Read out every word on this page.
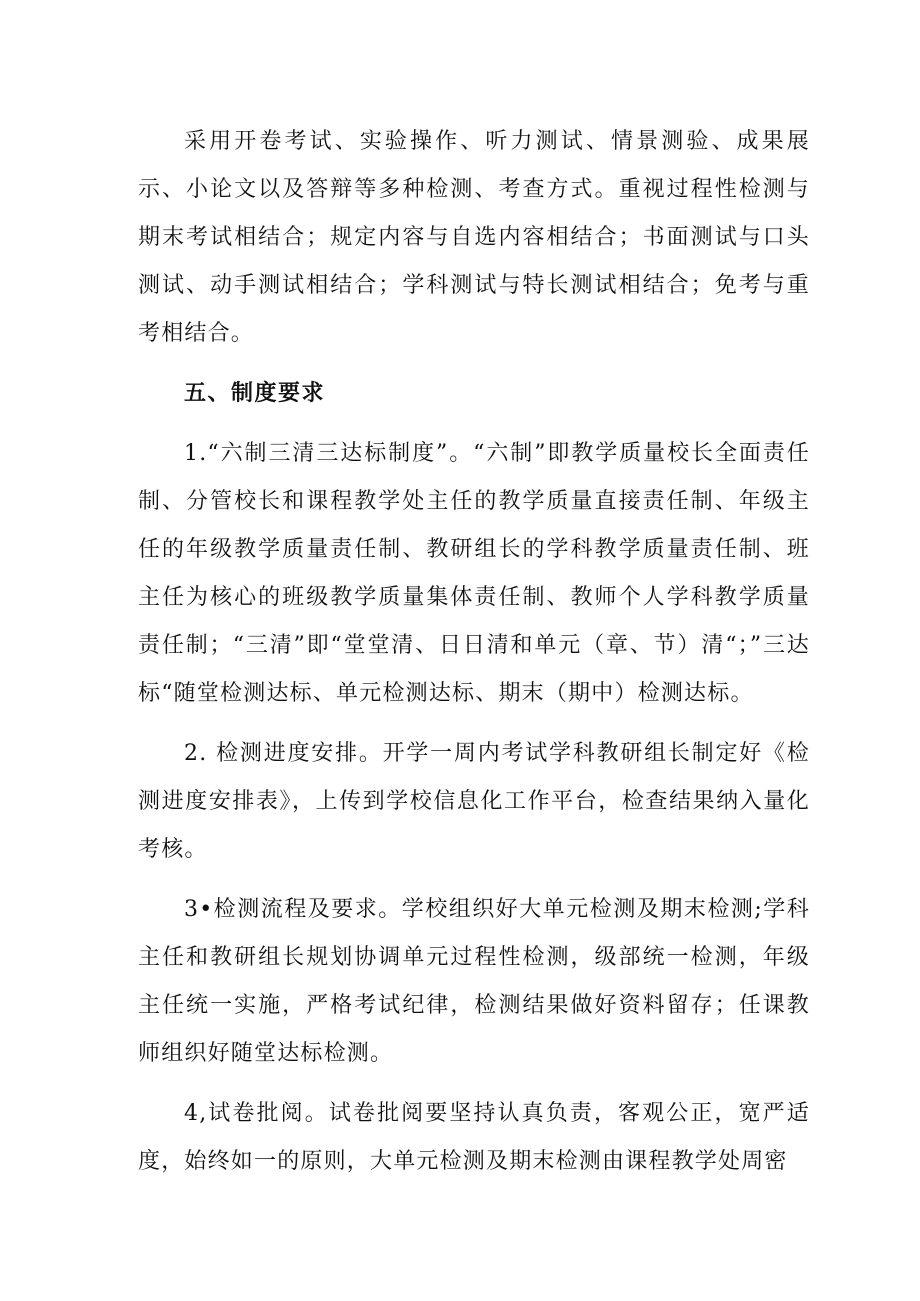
采用开卷考试、实验操作、听力测试、情景测验、成果展示、小论文以及答辩等多种检测、考查方式。重视过程性检测与期末考试相结合；规定内容与自选内容相结合；书面测试与口头测试、动手测试相结合；学科测试与特长测试相结合；免考与重考相结合。

五、制度要求

1.“六制三清三达标制度”。“六制”即教学质量校长全面责任制、分管校长和课程教学处主任的教学质量直接责任制、年级主任的年级教学质量责任制、教研组长的学科教学质量责任制、班主任为核心的班级教学质量集体责任制、教师个人学科教学质量责任制；“三清”即“堂堂清、日日清和单元（章、节）清“；”三达标“随堂检测达标、单元检测达标、期末（期中）检测达标。

2. 检测进度安排。开学一周内考试学科教研组长制定好《检测进度安排表》，上传到学校信息化工作平台，检查结果纳入量化考核。

3•检测流程及要求。学校组织好大单元检测及期末检测;学科主任和教研组长规划协调单元过程性检测，级部统一检测，年级主任统一实施，严格考试纪律，检测结果做好资料留存；任课教师组织好随堂达标检测。

4,试卷批阅。试卷批阅要坚持认真负责，客观公正，宽严适度，始终如一的原则，大单元检测及期末检测由课程教学处周密
